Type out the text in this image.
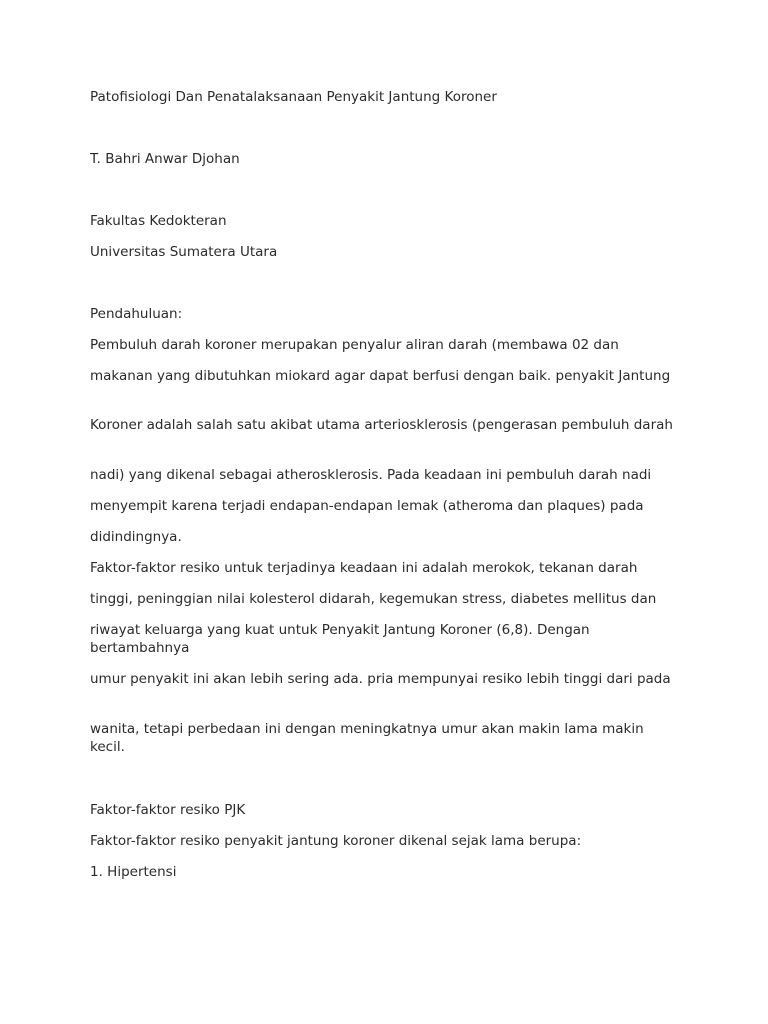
Patofisiologi Dan Penatalaksanaan Penyakit Jantung Koroner
T. Bahri Anwar Djohan
Fakultas Kedokteran
Universitas Sumatera Utara
Pendahuluan:
Pembuluh darah koroner merupakan penyalur aliran darah (membawa 02 dan
makanan yang dibutuhkan miokard agar dapat berfusi dengan baik. penyakit Jantung
Koroner adalah salah satu akibat utama arteriosklerosis (pengerasan pembuluh darah
nadi) yang dikenal sebagai atherosklerosis. Pada keadaan ini pembuluh darah nadi
menyempit karena terjadi endapan-endapan lemak (atheroma dan plaques) pada
didindingnya.
Faktor-faktor resiko untuk terjadinya keadaan ini adalah merokok, tekanan darah
tinggi, peninggian nilai kolesterol didarah, kegemukan stress, diabetes mellitus dan
riwayat keluarga yang kuat untuk Penyakit Jantung Koroner (6,8). Dengan bertambahnya
umur penyakit ini akan lebih sering ada. pria mempunyai resiko lebih tinggi dari pada
wanita, tetapi perbedaan ini dengan meningkatnya umur akan makin lama makin kecil.
Faktor-faktor resiko PJK
Faktor-faktor resiko penyakit jantung koroner dikenal sejak lama berupa:
1. Hipertensi
